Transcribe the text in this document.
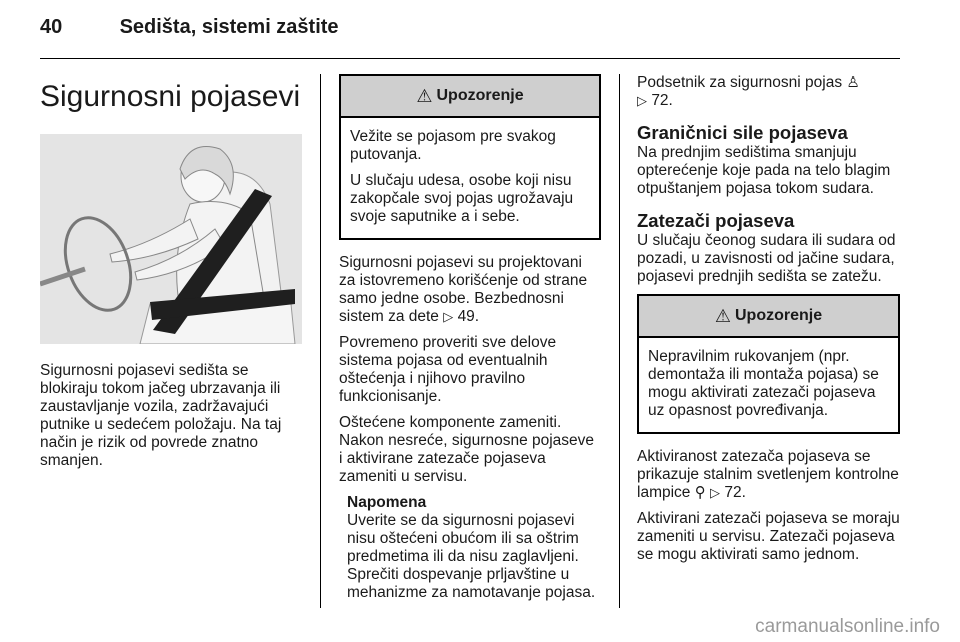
40	Sedišta, sistemi zaštite
Sigurnosni pojasevi

Sigurnosni pojasevi sedišta se blokiraju tokom jačeg ubrzavanja ili zaustavljanje vozila, zadržavajući putnike u sedećem položaju. Na taj način je rizik od povrede znatno smanjen.

⚠ Upozorenje

Vežite se pojasom pre svakog putovanja.

U slučaju udesa, osobe koji nisu zakopčale svoj pojas ugrožavaju svoje saputnike a i sebe.

Sigurnosni pojasevi su projektovani za istovremeno korišćenje od strane samo jedne osobe. Bezbednosni sistem za dete ▷ 49.

Povremeno proveriti sve delove sistema pojasa od eventualnih oštećenja i njihovo pravilno funkcionisanje.

Oštećene komponente zameniti. Nakon nesreće, sigurnosne pojaseve i aktivirane zatezače pojaseva zameniti u servisu.

Napomena
Uverite se da sigurnosni pojasevi nisu oštećeni obućom ili sa oštrim predmetima ili da nisu zaglavljeni. Sprečiti dospevanje prljavštine u mehanizme za namotavanje pojasa.

Podsetnik za sigurnosni pojas ♙
▷ 72.

Graničnici sile pojaseva

Na prednjim sedištima smanjuju opterećenje koje pada na telo blagim otpuštanjem pojasa tokom sudara.

Zatezači pojaseva

U slučaju čeonog sudara ili sudara od pozadi, u zavisnosti od jačine sudara, pojasevi prednjih sedišta se zatežu.

⚠ Upozorenje

Nepravilnim rukovanjem (npr. demontaža ili montaža pojasa) se mogu aktivirati zatezači pojaseva uz opasnost povređivanja.

Aktiviranost zatezača pojaseva se prikazuje stalnim svetlenjem kontrolne lampice ⚲ ▷ 72.

Aktivirani zatezači pojaseva se moraju zameniti u servisu. Zatezači pojaseva se mogu aktivirati samo jednom.

carmanualsonline.info
